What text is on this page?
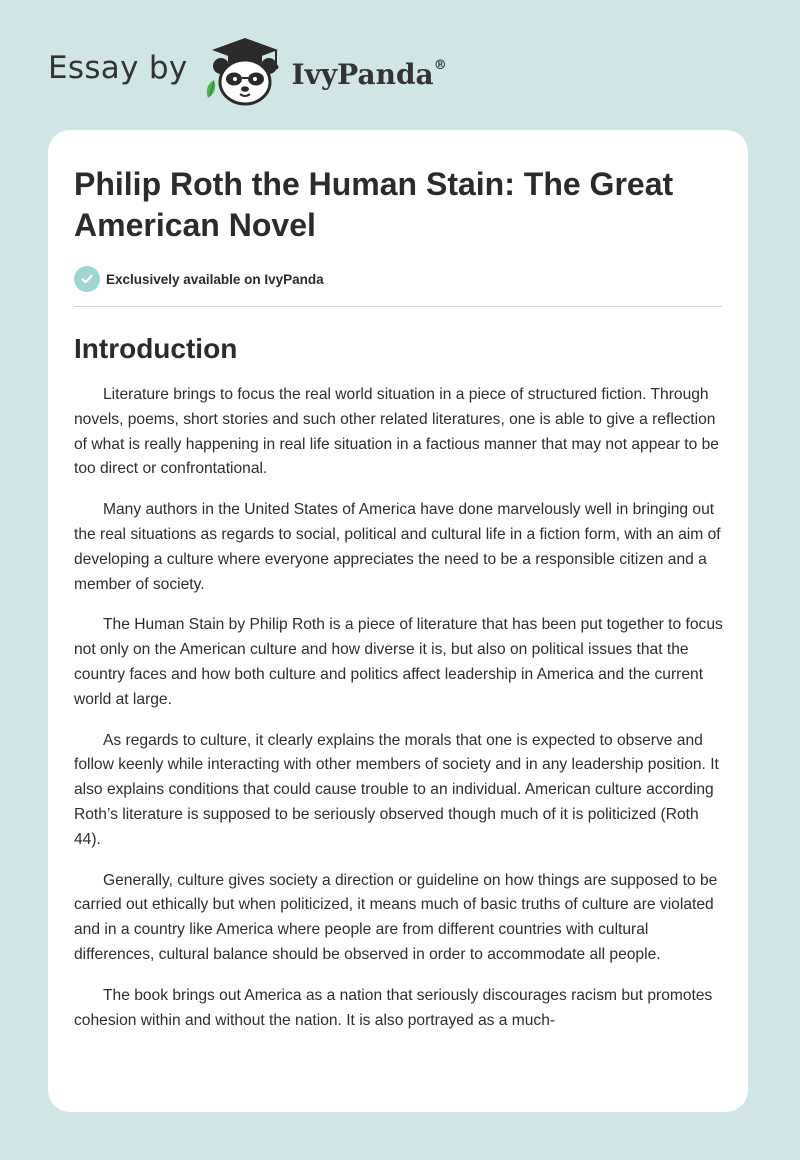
Essay by	IvyPanda®
Philip Roth the Human Stain: The Great American Novel
Exclusively available on IvyPanda
Introduction

Literature brings to focus the real world situation in a piece of structured fiction. Through novels, poems, short stories and such other related literatures, one is able to give a reflection of what is really happening in real life situation in a factious manner that may not appear to be too direct or confrontational.

Many authors in the United States of America have done marvelously well in bringing out the real situations as regards to social, political and cultural life in a fiction form, with an aim of developing a culture where everyone appreciates the need to be a responsible citizen and a member of society.

The Human Stain by Philip Roth is a piece of literature that has been put together to focus not only on the American culture and how diverse it is, but also on political issues that the country faces and how both culture and politics affect leadership in America and the current world at large.

As regards to culture, it clearly explains the morals that one is expected to observe and follow keenly while interacting with other members of society and in any leadership position. It also explains conditions that could cause trouble to an individual. American culture according Roth’s literature is supposed to be seriously observed though much of it is politicized (Roth 44).

Generally, culture gives society a direction or guideline on how things are supposed to be carried out ethically but when politicized, it means much of basic truths of culture are violated and in a country like America where people are from different countries with cultural differences, cultural balance should be observed in order to accommodate all people.

The book brings out America as a nation that seriously discourages racism but promotes cohesion within and without the nation. It is also portrayed as a much-
